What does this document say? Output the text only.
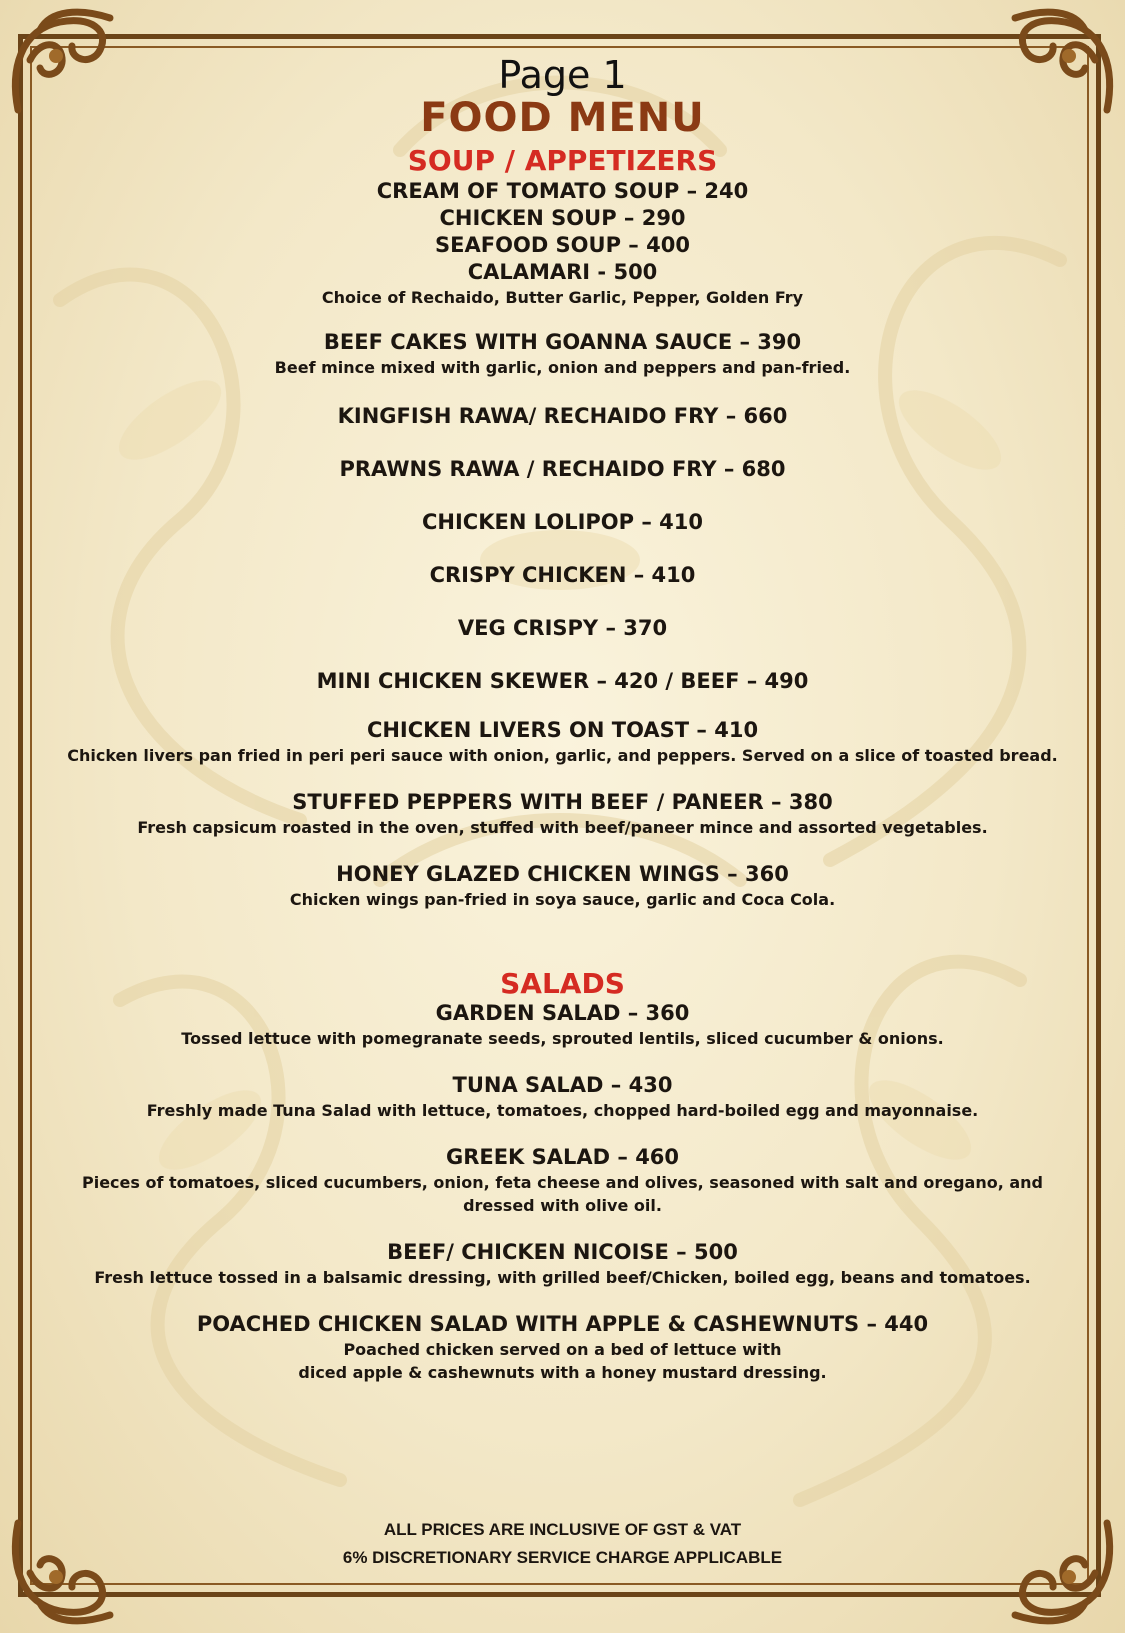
Page 1
FOOD MENU
SOUP / APPETIZERS
CREAM OF TOMATO SOUP – 240
CHICKEN SOUP – 290
SEAFOOD SOUP – 400
CALAMARI - 500
Choice of Rechaido, Butter Garlic, Pepper, Golden Fry
BEEF CAKES WITH GOANNA SAUCE – 390
Beef mince mixed with garlic, onion and peppers and pan-fried.
KINGFISH RAWA/ RECHAIDO FRY – 660
PRAWNS RAWA / RECHAIDO FRY – 680
CHICKEN LOLIPOP – 410
CRISPY CHICKEN – 410
VEG CRISPY – 370
MINI CHICKEN SKEWER – 420 / BEEF – 490
CHICKEN LIVERS ON TOAST – 410
Chicken livers pan fried in peri peri sauce with onion, garlic, and peppers. Served on a slice of toasted bread.
STUFFED PEPPERS WITH BEEF / PANEER – 380
Fresh capsicum roasted in the oven, stuffed with beef/paneer mince and assorted vegetables.
HONEY GLAZED CHICKEN WINGS – 360
Chicken wings pan-fried in soya sauce, garlic and Coca Cola.
SALADS
GARDEN SALAD – 360
Tossed lettuce with pomegranate seeds, sprouted lentils, sliced cucumber & onions.
TUNA SALAD – 430
Freshly made Tuna Salad with lettuce, tomatoes, chopped hard-boiled egg and mayonnaise.
GREEK SALAD – 460
Pieces of tomatoes, sliced cucumbers, onion, feta cheese and olives, seasoned with salt and oregano, and dressed with olive oil.
BEEF/ CHICKEN NICOISE – 500
Fresh lettuce tossed in a balsamic dressing, with grilled beef/Chicken, boiled egg, beans and tomatoes.
POACHED CHICKEN SALAD WITH APPLE & CASHEWNUTS – 440
Poached chicken served on a bed of lettuce with
diced apple & cashewnuts with a honey mustard dressing.
ALL PRICES ARE INCLUSIVE OF GST & VAT
6% DISCRETIONARY SERVICE CHARGE APPLICABLE
